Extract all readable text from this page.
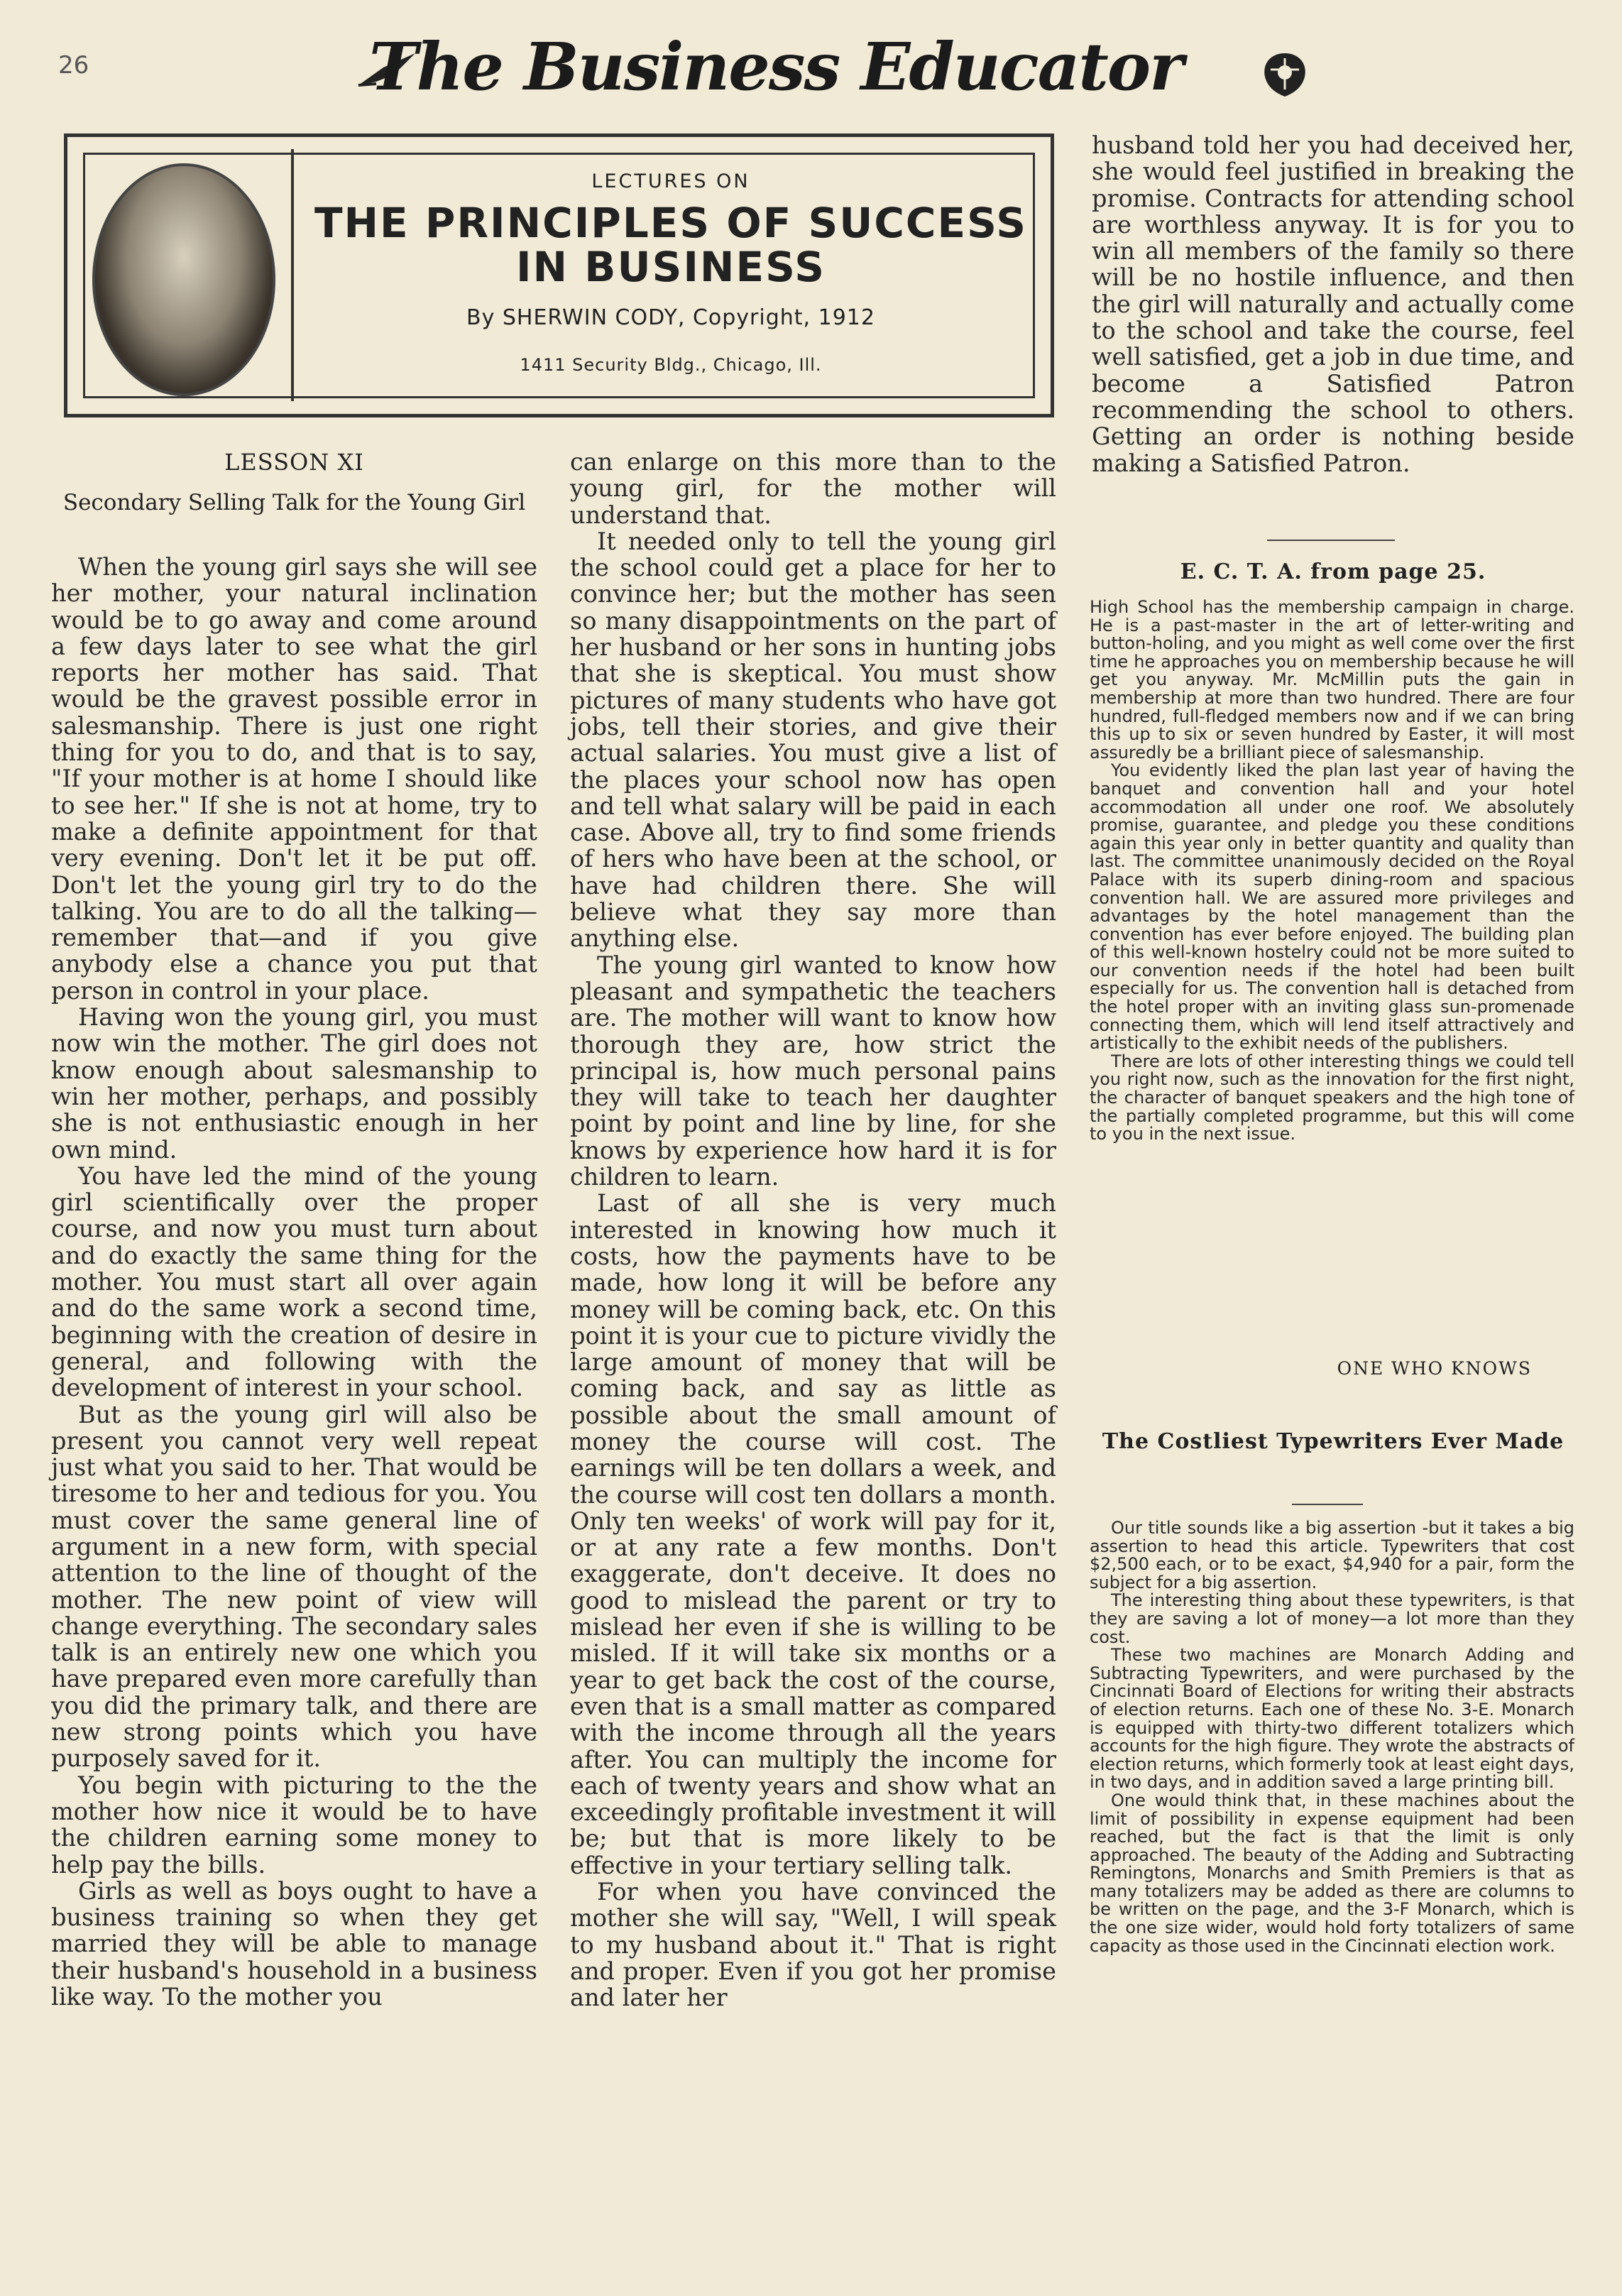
26	The Business Educator
LECTURES ON
THE PRINCIPLES OF SUCCESS
IN BUSINESS
By SHERWIN CODY, Copyright, 1912
1411 Security Bldg., Chicago, Ill.
LESSON XI
Secondary Selling Talk for the Young Girl

When the young girl says she will see her mother, your natural inclination would be to go away and come around a few days later to see what the girl reports her mother has said. That would be the gravest possible error in salesmanship. There is just one right thing for you to do, and that is to say, "If your mother is at home I should like to see her." If she is not at home, try to make a definite appointment for that very evening. Don't let it be put off. Don't let the young girl try to do the talking. You are to do all the talking—remember that—and if you give anybody else a chance you put that person in control in your place.

Having won the young girl, you must now win the mother. The girl does not know enough about salesmanship to win her mother, perhaps, and possibly she is not enthusiastic enough in her own mind.

You have led the mind of the young girl scientifically over the proper course, and now you must turn about and do exactly the same thing for the mother. You must start all over again and do the same work a second time, beginning with the creation of desire in general, and following with the development of interest in your school.

But as the young girl will also be present you cannot very well repeat just what you said to her. That would be tiresome to her and tedious for you. You must cover the same general line of argument in a new form, with special attention to the line of thought of the mother. The new point of view will change everything. The secondary sales talk is an entirely new one which you have prepared even more carefully than you did the primary talk, and there are new strong points which you have purposely saved for it.

You begin with picturing to the the mother how nice it would be to have the children earning some money to help pay the bills.

Girls as well as boys ought to have a business training so when they get married they will be able to manage their husband's household in a business like way. To the mother you

can enlarge on this more than to the young girl, for the mother will understand that.

It needed only to tell the young girl the school could get a place for her to convince her; but the mother has seen so many disappointments on the part of her husband or her sons in hunting jobs that she is skeptical. You must show pictures of many students who have got jobs, tell their stories, and give their actual salaries. You must give a list of the places your school now has open and tell what salary will be paid in each case. Above all, try to find some friends of hers who have been at the school, or have had children there. She will believe what they say more than anything else.

The young girl wanted to know how pleasant and sympathetic the teachers are. The mother will want to know how thorough they are, how strict the principal is, how much personal pains they will take to teach her daughter point by point and line by line, for she knows by experience how hard it is for children to learn.

Last of all she is very much interested in knowing how much it costs, how the payments have to be made, how long it will be before any money will be coming back, etc. On this point it is your cue to picture vividly the large amount of money that will be coming back, and say as little as possible about the small amount of money the course will cost. The earnings will be ten dollars a week, and the course will cost ten dollars a month. Only ten weeks' of work will pay for it, or at any rate a few months. Don't exaggerate, don't deceive. It does no good to mislead the parent or try to mislead her even if she is willing to be misled. If it will take six months or a year to get back the cost of the course, even that is a small matter as compared with the income through all the years after. You can multiply the income for each of twenty years and show what an exceedingly profitable investment it will be; but that is more likely to be effective in your tertiary selling talk.

For when you have convinced the mother she will say, "Well, I will speak to my husband about it." That is right and proper. Even if you got her promise and later her

husband told her you had deceived her, she would feel justified in breaking the promise. Contracts for attending school are worthless anyway. It is for you to win all members of the family so there will be no hostile influence, and then the girl will naturally and actually come to the school and take the course, feel well satisfied, get a job in due time, and become a Satisfied Patron recommending the school to others. Getting an order is nothing beside making a Satisfied Patron.

E. C. T. A. from page 25.

High School has the membership campaign in charge. He is a past-master in the art of letter-writing and button-holing, and you might as well come over the first time he approaches you on membership because he will get you anyway. Mr. McMillin puts the gain in membership at more than two hundred. There are four hundred, full-fledged members now and if we can bring this up to six or seven hundred by Easter, it will most assuredly be a brilliant piece of salesmanship.

You evidently liked the plan last year of having the banquet and convention hall and your hotel accommodation all under one roof. We absolutely promise, guarantee, and pledge you these conditions again this year only in better quantity and quality than last. The committee unanimously decided on the Royal Palace with its superb dining-room and spacious convention hall. We are assured more privileges and advantages by the hotel management than the convention has ever before enjoyed. The building plan of this well-known hostelry could not be more suited to our convention needs if the hotel had been built especially for us. The convention hall is detached from the hotel proper with an inviting glass sun-promenade connecting them, which will lend itself attractively and artistically to the exhibit needs of the publishers.

There are lots of other interesting things we could tell you right now, such as the innovation for the first night, the character of banquet speakers and the high tone of the partially completed programme, but this will come to you in the next issue.

ONE WHO KNOWS
The Costliest Typewriters Ever Made

Our title sounds like a big assertion -but it takes a big assertion to head this article. Typewriters that cost $2,500 each, or to be exact, $4,940 for a pair, form the subject for a big assertion.

The interesting thing about these typewriters, is that they are saving a lot of money—a lot more than they cost.

These two machines are Monarch Adding and Subtracting Typewriters, and were purchased by the Cincinnati Board of Elections for writing their abstracts of election returns. Each one of these No. 3-E. Monarch is equipped with thirty-two different totalizers which accounts for the high figure. They wrote the abstracts of election returns, which formerly took at least eight days, in two days, and in addition saved a large printing bill.

One would think that, in these machines about the limit of possibility in expense equipment had been reached, but the fact is that the limit is only approached. The beauty of the Adding and Subtracting Remingtons, Monarchs and Smith Premiers is that as many totalizers may be added as there are columns to be written on the page, and the 3-F Monarch, which is the one size wider, would hold forty totalizers of same capacity as those used in the Cincinnati election work.
